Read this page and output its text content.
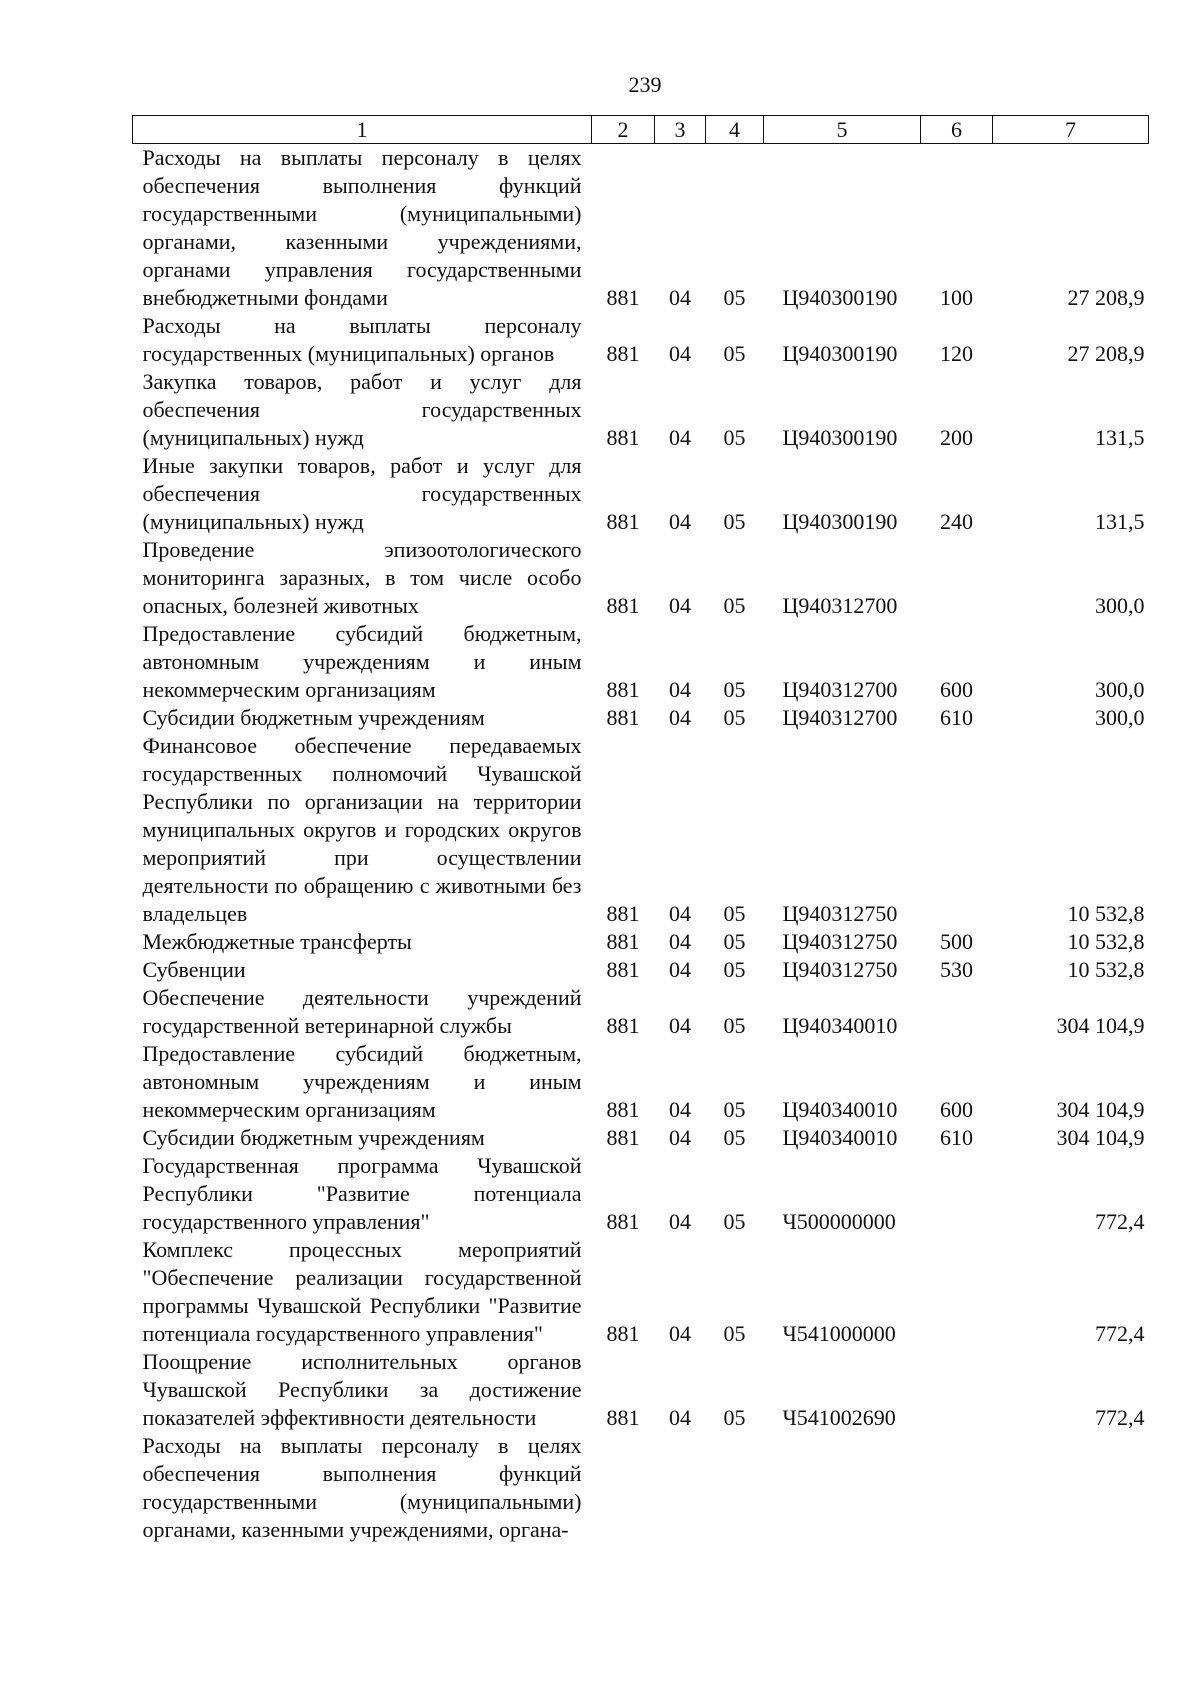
239
1	2	3	4	5	6	7
Расходы на выплаты персоналу в целях обеспечения выполнения функций государственными (муниципальными) органами, казенными учреждениями, органами управления государственными внебюджетными фондами	881	04	05	Ц940300190	100	27 208,9
Расходы на выплаты персоналу государственных (муниципальных) органов	881	04	05	Ц940300190	120	27 208,9
Закупка товаров, работ и услуг для обеспечения государственных (муниципальных) нужд	881	04	05	Ц940300190	200	131,5
Иные закупки товаров, работ и услуг для обеспечения государственных (муниципальных) нужд	881	04	05	Ц940300190	240	131,5
Проведение эпизоотологического мониторинга заразных, в том числе особо опасных, болезней животных	881	04	05	Ц940312700		300,0
Предоставление субсидий бюджетным, автономным учреждениям и иным некоммерческим организациям	881	04	05	Ц940312700	600	300,0
Субсидии бюджетным учреждениям	881	04	05	Ц940312700	610	300,0
Финансовое обеспечение передаваемых государственных полномочий Чувашской Республики по организации на территории муниципальных округов и городских округов мероприятий при осуществлении деятельности по обращению с животными без владельцев	881	04	05	Ц940312750		10 532,8
Межбюджетные трансферты	881	04	05	Ц940312750	500	10 532,8
Субвенции	881	04	05	Ц940312750	530	10 532,8
Обеспечение деятельности учреждений государственной ветеринарной службы	881	04	05	Ц940340010		304 104,9
Предоставление субсидий бюджетным, автономным учреждениям и иным некоммерческим организациям	881	04	05	Ц940340010	600	304 104,9
Субсидии бюджетным учреждениям	881	04	05	Ц940340010	610	304 104,9
Государственная программа Чувашской Республики "Развитие потенциала государственного управления"	881	04	05	Ч500000000		772,4
Комплекс процессных мероприятий "Обеспечение реализации государственной программы Чувашской Республики "Развитие потенциала государственного управления"	881	04	05	Ч541000000		772,4
Поощрение исполнительных органов Чувашской Республики за достижение показателей эффективности деятельности	881	04	05	Ч541002690		772,4
Расходы на выплаты персоналу в целях обеспечения выполнения функций государственными (муниципальными) органами, казенными учреждениями, органа-						
